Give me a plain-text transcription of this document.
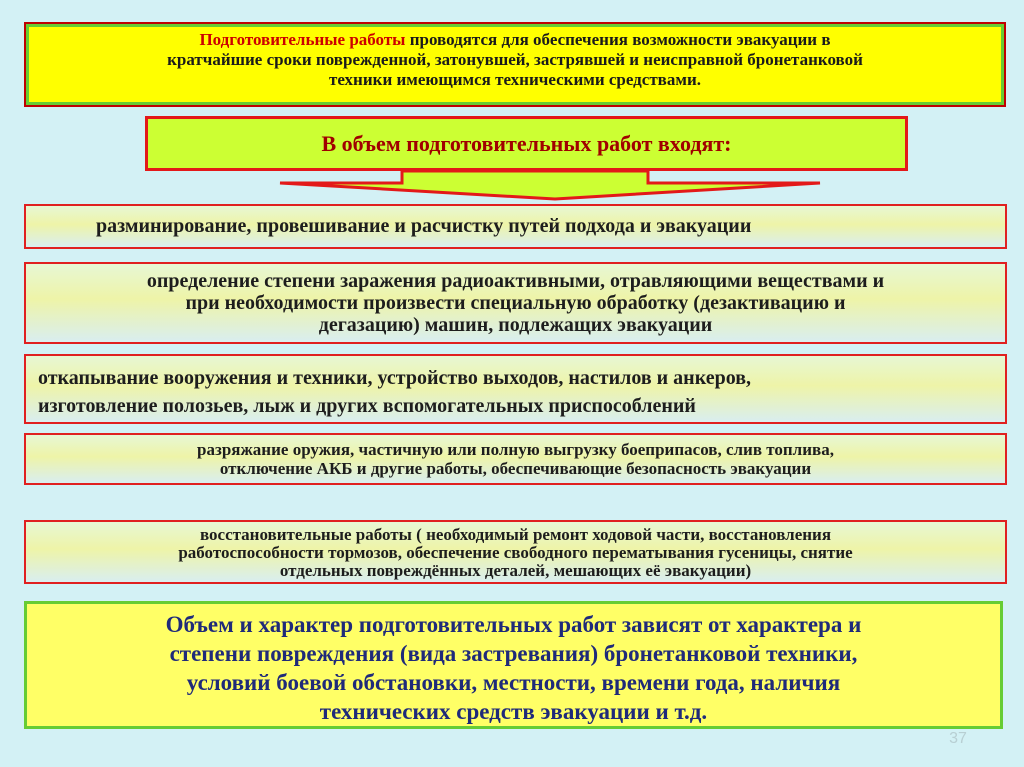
Подготовительные работы проводятся для обеспечения возможности эвакуации в
кратчайшие сроки поврежденной, затонувшей, застрявшей и неисправной бронетанковой
техники имеющимся техническими средствами.
В объем подготовительных работ входят:
разминирование, провешивание и расчистку путей подхода и эвакуации
определение степени заражения радиоактивными, отравляющими веществами и
при необходимости произвести специальную обработку (дезактивацию и
дегазацию) машин, подлежащих эвакуации
откапывание вооружения и техники, устройство выходов, настилов и анкеров,
изготовление полозьев, лыж и других вспомогательных приспособлений
разряжание оружия, частичную или полную выгрузку боеприпасов, слив топлива,
отключение АКБ и другие работы, обеспечивающие безопасность эвакуации
восстановительные работы ( необходимый ремонт ходовой части, восстановления
работоспособности тормозов, обеспечение свободного перематывания гусеницы, снятие
отдельных повреждённых деталей, мешающих её эвакуации)
Объем и характер подготовительных работ зависят от характера и
степени повреждения (вида застревания) бронетанковой техники,
условий боевой обстановки, местности, времени года, наличия
технических средств эвакуации и т.д.
37
